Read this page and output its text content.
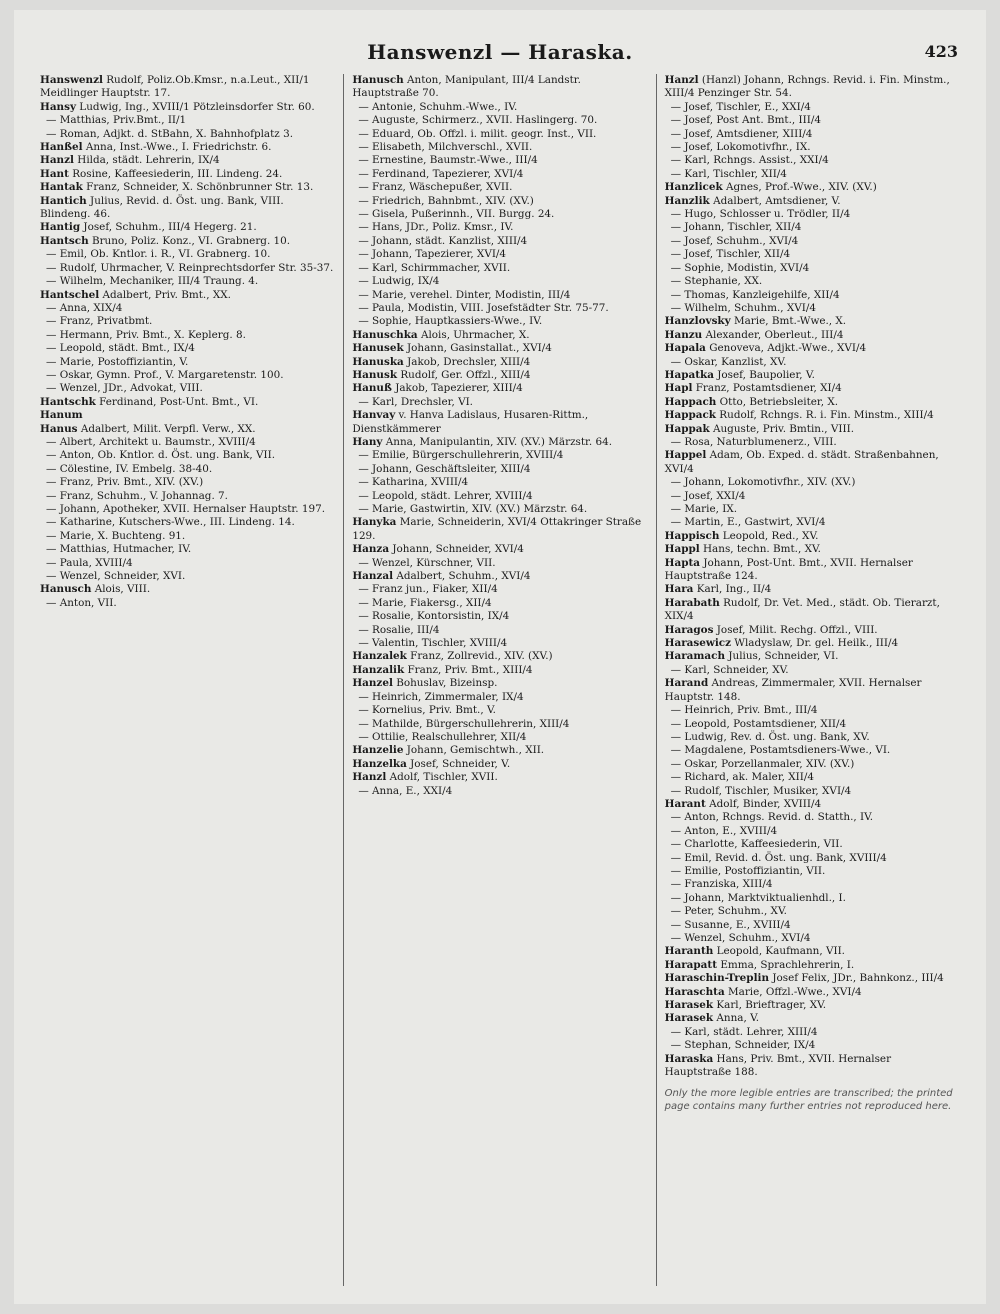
Hanswenzl — Haraska.	423

Hanswenzl Rudolf, Poliz.Ob.Kmsr., n.a.Leut., XII/1 Meidlinger Hauptstr. 17.

Hansy Ludwig, Ing., XVIII/1 Pötzleinsdorfer Str. 60.

— Matthias, Priv.Bmt., II/1

— Roman, Adjkt. d. StBahn, X. Bahnhofplatz 3.

Hanßel Anna, Inst.-Wwe., I. Friedrichstr. 6.

Hanzl Hilda, städt. Lehrerin, IX/4

Hant Rosine, Kaffeesiederin, III. Lindeng. 24.

Hantak Franz, Schneider, X. Schönbrunner Str. 13.

Hantich Julius, Revid. d. Öst. ung. Bank, VIII. Blindeng. 46.

Hantig Josef, Schuhm., III/4 Hegerg. 21.

Hantsch Bruno, Poliz. Konz., VI. Grabnerg. 10.

— Emil, Ob. Kntlor. i. R., VI. Grabnerg. 10.

— Rudolf, Uhrmacher, V. Reinprechtsdorfer Str. 35-37.

— Wilhelm, Mechaniker, III/4 Traung. 4.

Hantschel Adalbert, Priv. Bmt., XX.

— Anna, XIX/4

— Franz, Privatbmt.

— Hermann, Priv. Bmt., X. Keplerg. 8.

— Leopold, städt. Bmt., IX/4

— Marie, Postoffiziantin, V.

— Oskar, Gymn. Prof., V. Margaretenstr. 100.

— Wenzel, JDr., Advokat, VIII.

Hantschk Ferdinand, Post-Unt. Bmt., VI.

Hanum

Hanus Adalbert, Milit. Verpfl. Verw., XX.

— Albert, Architekt u. Baumstr., XVIII/4

— Anton, Ob. Kntlor. d. Öst. ung. Bank, VII.

— Cölestine, IV. Embelg. 38-40.

— Franz, Priv. Bmt., XIV. (XV.)

— Franz, Schuhm., V. Johannag. 7.

— Johann, Apotheker, XVII. Hernalser Hauptstr. 197.

— Katharine, Kutschers-Wwe., III. Lindeng. 14.

— Marie, X. Buchteng. 91.

— Matthias, Hutmacher, IV.

— Paula, XVIII/4

— Wenzel, Schneider, XVI.

Hanusch Alois, VIII.

— Anton, VII.

Hanusch Anton, Manipulant, III/4 Landstr. Hauptstraße 70.

— Antonie, Schuhm.-Wwe., IV.

— Auguste, Schirmerz., XVII. Haslingerg. 70.

— Eduard, Ob. Offzl. i. milit. geogr. Inst., VII.

— Elisabeth, Milchverschl., XVII.

— Ernestine, Baumstr.-Wwe., III/4

— Ferdinand, Tapezierer, XVI/4

— Franz, Wäschepußer, XVII.

— Friedrich, Bahnbmt., XIV. (XV.)

— Gisela, Pußerinnh., VII. Burgg. 24.

— Hans, JDr., Poliz. Kmsr., IV.

— Johann, städt. Kanzlist, XIII/4

— Johann, Tapezierer, XVI/4

— Karl, Schirmmacher, XVII.

— Ludwig, IX/4

— Marie, verehel. Dinter, Modistin, III/4

— Paula, Modistin, VIII. Josefstädter Str. 75-77.

— Sophie, Hauptkassiers-Wwe., IV.

Hanuschka Alois, Uhrmacher, X.

Hanusek Johann, Gasinstallat., XVI/4

Hanuska Jakob, Drechsler, XIII/4

Hanusk Rudolf, Ger. Offzl., XIII/4

Hanuß Jakob, Tapezierer, XIII/4

— Karl, Drechsler, VI.

Hanvay v. Hanva Ladislaus, Husaren-Rittm., Dienstkämmerer

Hany Anna, Manipulantin, XIV. (XV.) Märzstr. 64.

— Emilie, Bürgerschullehrerin, XVIII/4

— Johann, Geschäftsleiter, XIII/4

— Katharina, XVIII/4

— Leopold, städt. Lehrer, XVIII/4

— Marie, Gastwirtin, XIV. (XV.) Märzstr. 64.

Hanyka Marie, Schneiderin, XVI/4 Ottakringer Straße 129.

Hanza Johann, Schneider, XVI/4

— Wenzel, Kürschner, VII.

Hanzal Adalbert, Schuhm., XVI/4

— Franz jun., Fiaker, XII/4

— Marie, Fiakersg., XII/4

— Rosalie, Kontorsistin, IX/4

— Rosalie, III/4

— Valentin, Tischler, XVIII/4

Hanzalek Franz, Zollrevid., XIV. (XV.)

Hanzalik Franz, Priv. Bmt., XIII/4

Hanzel Bohuslav, Bizeinsp.

— Heinrich, Zimmermaler, IX/4

— Kornelius, Priv. Bmt., V.

— Mathilde, Bürgerschullehrerin, XIII/4

— Ottilie, Realschullehrer, XII/4

Hanzelie Johann, Gemischtwh., XII.

Hanzelka Josef, Schneider, V.

Hanzl Adolf, Tischler, XVII.

— Anna, E., XXI/4

Hanzl (Hanzl) Johann, Rchngs. Revid. i. Fin. Minstm., XIII/4 Penzinger Str. 54.

— Josef, Tischler, E., XXI/4

— Josef, Post Ant. Bmt., III/4

— Josef, Amtsdiener, XIII/4

— Josef, Lokomotivfhr., IX.

— Karl, Rchngs. Assist., XXI/4

— Karl, Tischler, XII/4

Hanzlicek Agnes, Prof.-Wwe., XIV. (XV.)

Hanzlik Adalbert, Amtsdiener, V.

— Hugo, Schlosser u. Trödler, II/4

— Johann, Tischler, XII/4

— Josef, Schuhm., XVI/4

— Josef, Tischler, XII/4

— Sophie, Modistin, XVI/4

— Stephanie, XX.

— Thomas, Kanzleigehilfe, XII/4

— Wilhelm, Schuhm., XVI/4

Hanzlovsky Marie, Bmt.-Wwe., X.

Hanzu Alexander, Oberleut., III/4

Hapala Genoveva, Adjkt.-Wwe., XVI/4

— Oskar, Kanzlist, XV.

Hapatka Josef, Baupolier, V.

Hapl Franz, Postamtsdiener, XI/4

Happach Otto, Betriebsleiter, X.

Happack Rudolf, Rchngs. R. i. Fin. Minstm., XIII/4

Happak Auguste, Priv. Bmtin., VIII.

— Rosa, Naturblumenerz., VIII.

Happel Adam, Ob. Exped. d. städt. Straßenbahnen, XVI/4

— Johann, Lokomotivfhr., XIV. (XV.)

— Josef, XXI/4

— Marie, IX.

— Martin, E., Gastwirt, XVI/4

Happisch Leopold, Red., XV.

Happl Hans, techn. Bmt., XV.

Hapta Johann, Post-Unt. Bmt., XVII. Hernalser Hauptstraße 124.

Hara Karl, Ing., II/4

Harabath Rudolf, Dr. Vet. Med., städt. Ob. Tierarzt, XIX/4

Haragos Josef, Milit. Rechg. Offzl., VIII.

Harasewicz Wladyslaw, Dr. gel. Heilk., III/4

Haramach Julius, Schneider, VI.

— Karl, Schneider, XV.

Harand Andreas, Zimmermaler, XVII. Hernalser Hauptstr. 148.

— Heinrich, Priv. Bmt., III/4

— Leopold, Postamtsdiener, XII/4

— Ludwig, Rev. d. Öst. ung. Bank, XV.

— Magdalene, Postamtsdieners-Wwe., VI.

— Oskar, Porzellanmaler, XIV. (XV.)

— Richard, ak. Maler, XII/4

— Rudolf, Tischler, Musiker, XVI/4

Harant Adolf, Binder, XVIII/4

— Anton, Rchngs. Revid. d. Statth., IV.

— Anton, E., XVIII/4

— Charlotte, Kaffeesiederin, VII.

— Emil, Revid. d. Öst. ung. Bank, XVIII/4

— Emilie, Postoffiziantin, VII.

— Franziska, XIII/4

— Johann, Marktviktualienhdl., I.

— Peter, Schuhm., XV.

— Susanne, E., XVIII/4

— Wenzel, Schuhm., XVI/4

Haranth Leopold, Kaufmann, VII.

Harapatt Emma, Sprachlehrerin, I.

Haraschin-Treplin Josef Felix, JDr., Bahnkonz., III/4

Haraschta Marie, Offzl.-Wwe., XVI/4

Harasek Karl, Brieftrager, XV.

Harasek Anna, V.

— Karl, städt. Lehrer, XIII/4

— Stephan, Schneider, IX/4

Haraska Hans, Priv. Bmt., XVII. Hernalser Hauptstraße 188.

Only the more legible entries are transcribed; the printed page contains many further entries not reproduced here.
